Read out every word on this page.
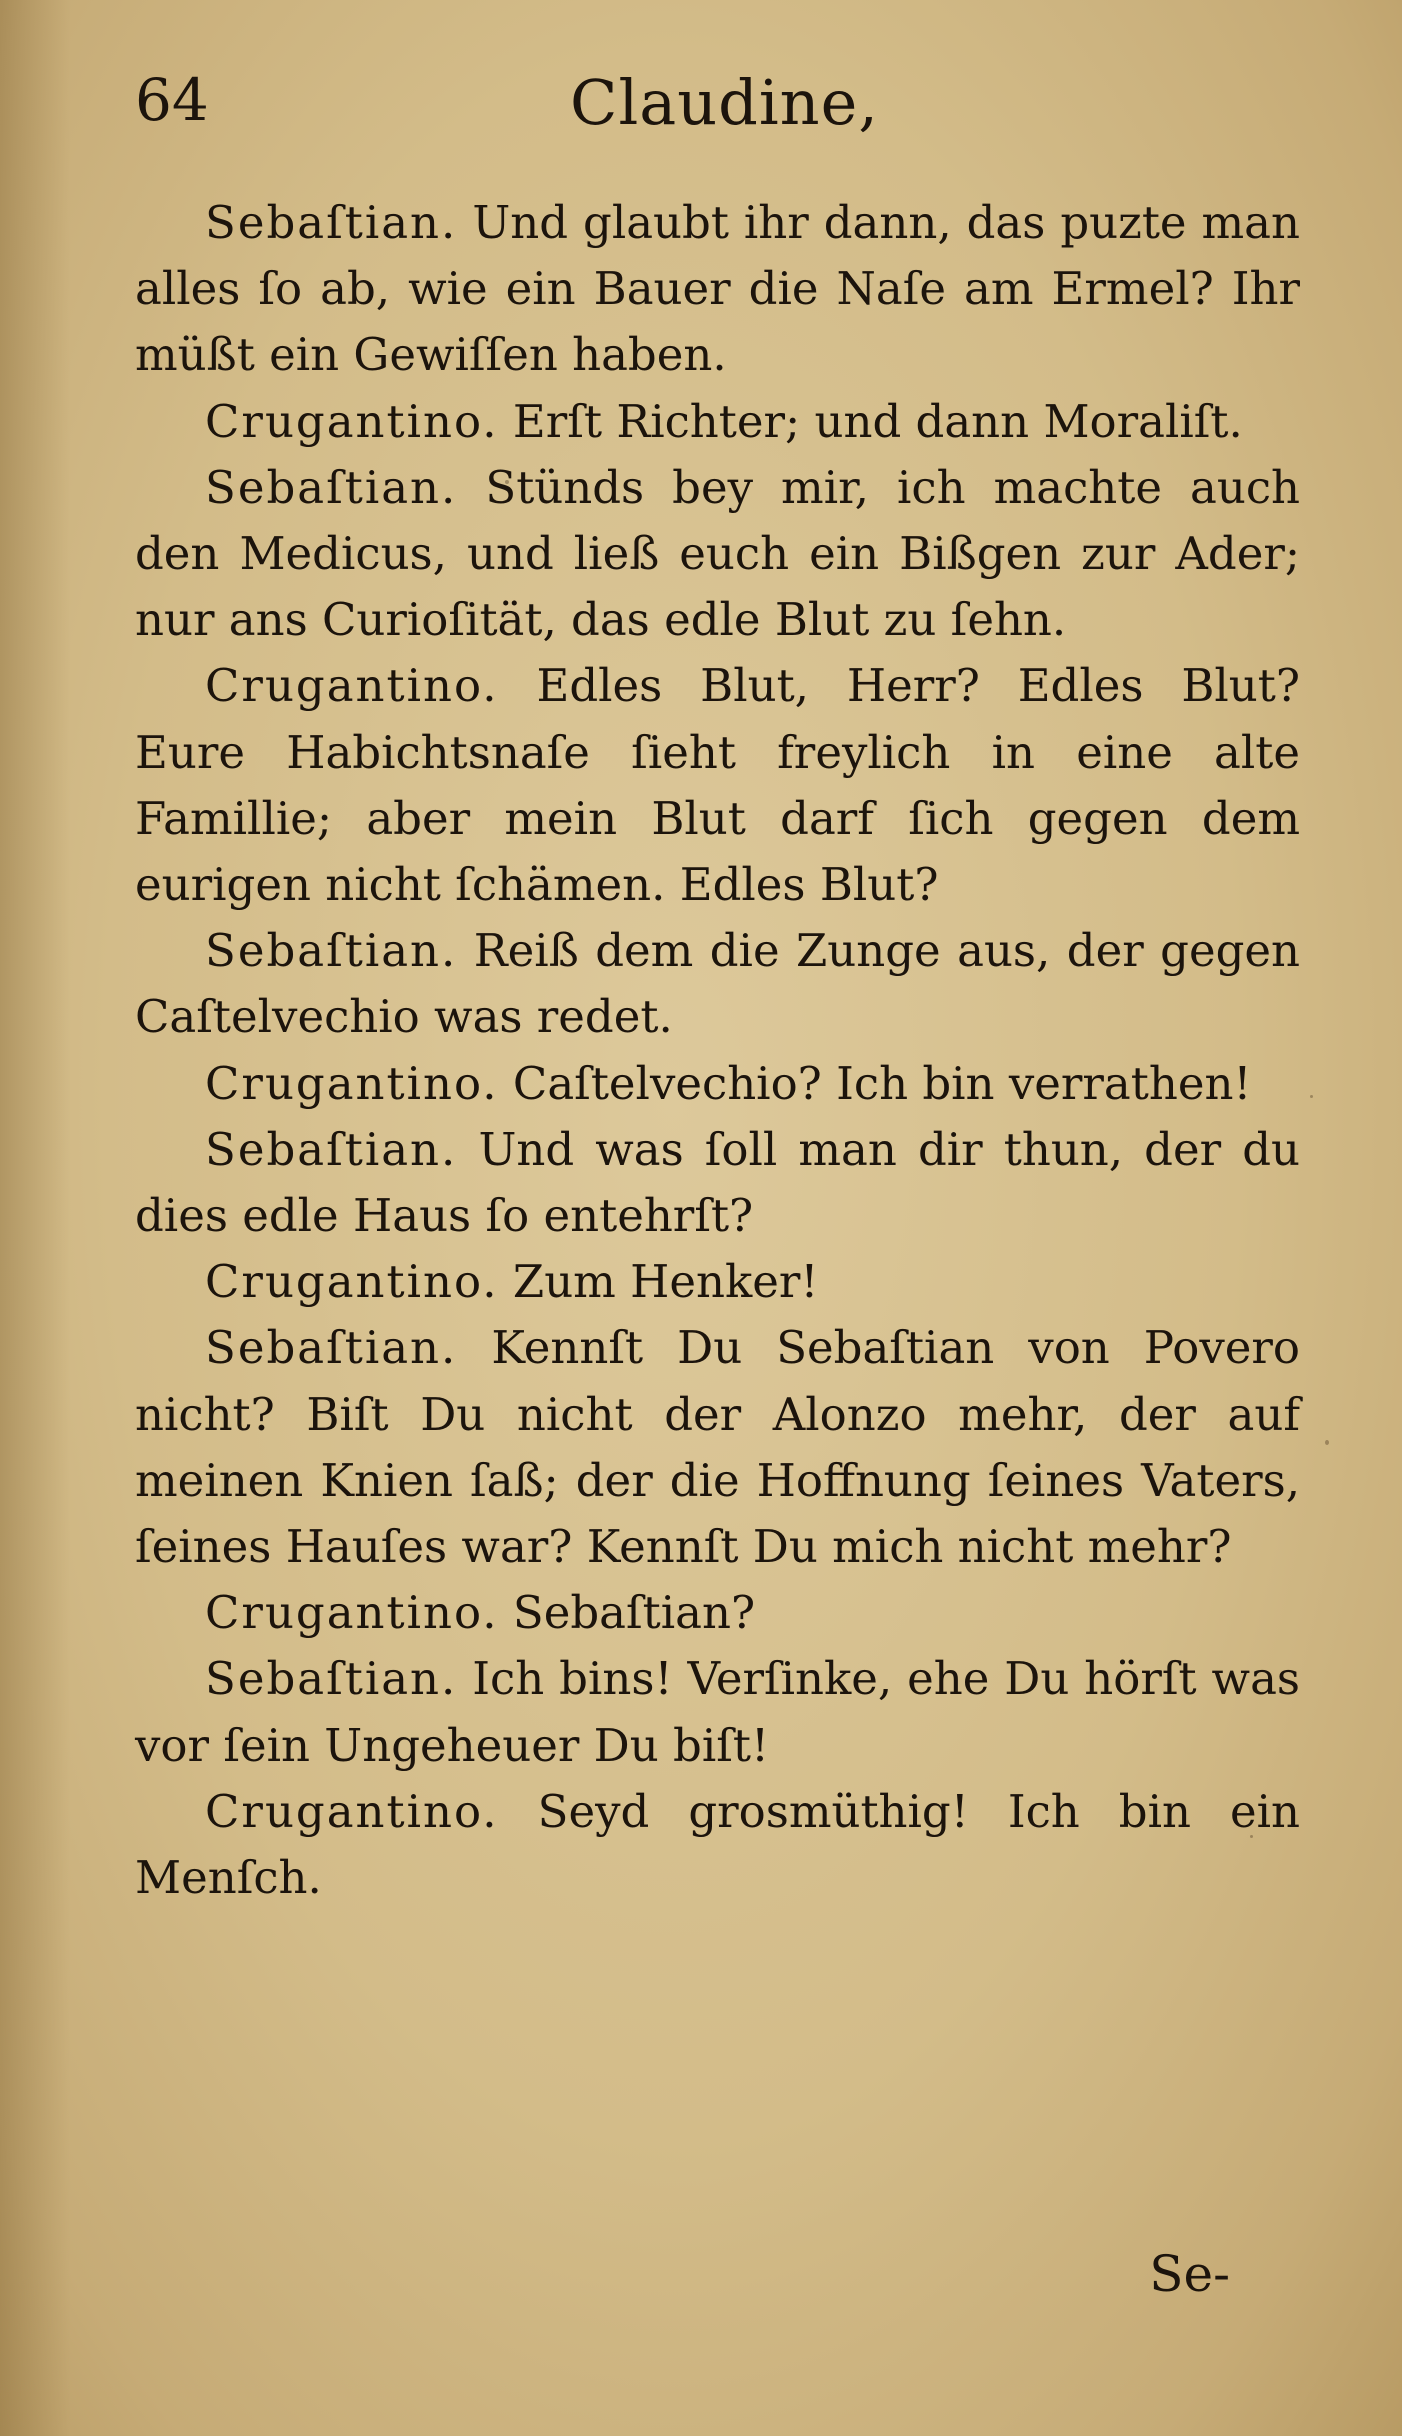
64	Claudine,

Sebaſtian. Und glaubt ihr dann, das puzte man alles ſo ab, wie ein Bauer die Naſe am Ermel? Ihr müßt ein Gewiſſen haben.

Crugantino. Erſt Richter; und dann Moraliſt.

Sebaſtian. Stünds bey mir, ich machte auch den Medicus, und ließ euch ein Bißgen zur Ader; nur ans Curioſität, das edle Blut zu ſehn.

Crugantino. Edles Blut, Herr? Edles Blut? Eure Habichtsnaſe ſieht freylich in eine alte Famillie; aber mein Blut darf ſich gegen dem eurigen nicht ſchämen. Edles Blut?

Sebaſtian. Reiß dem die Zunge aus, der gegen Caſtelvechio was redet.

Crugantino. Caſtelvechio? Ich bin verrathen!

Sebaſtian. Und was ſoll man dir thun, der du dies edle Haus ſo entehrſt?

Crugantino. Zum Henker!

Sebaſtian. Kennſt Du Sebaſtian von Povero nicht? Biſt Du nicht der Alonzo mehr, der auf meinen Knien ſaß; der die Hoffnung ſeines Vaters, ſeines Hauſes war? Kennſt Du mich nicht mehr?

Crugantino. Sebaſtian?

Sebaſtian. Ich bins! Verſinke, ehe Du hörſt was vor ſein Ungeheuer Du biſt!

Crugantino. Seyd grosmüthig! Ich bin ein Menſch.

Se-
